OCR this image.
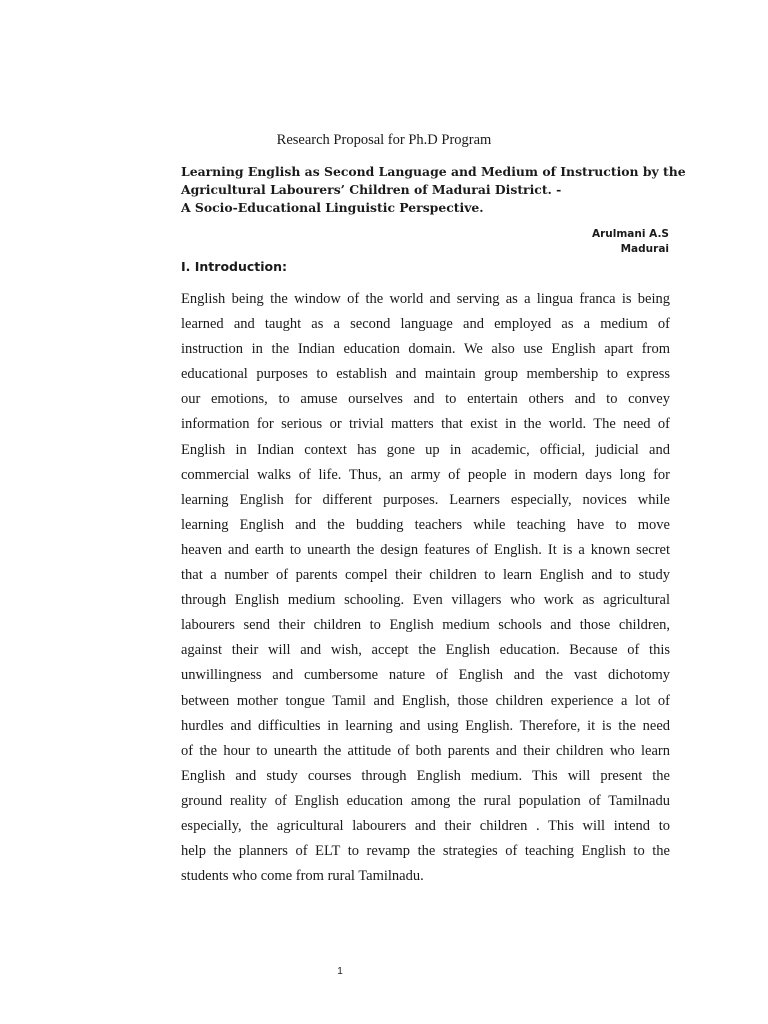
Research Proposal for Ph.D Program
Learning English as Second Language and Medium of Instruction by the
Agricultural Labourers’ Children of Madurai District. -
A Socio-Educational Linguistic Perspective.
Arulmani A.S
Madurai
I. Introduction:
English being the window of the world and serving as a lingua franca is being
learned and taught as a second language and employed as a medium of
instruction in the Indian education domain. We also use English apart from
educational purposes to establish and maintain group membership to express
our emotions, to amuse ourselves and to entertain others and to convey
information for serious or trivial matters that exist in the world. The need of
English in Indian context has gone up in academic, official, judicial and
commercial walks of life. Thus, an army of people in modern days long for
learning English for different purposes. Learners especially, novices while
learning English and the budding teachers while teaching have to move
heaven and earth to unearth the design features of English. It is a known secret
that a number of parents compel their children to learn English and to study
through English medium schooling. Even villagers who work as agricultural
labourers send their children to English medium schools and those children,
against their will and wish, accept the English education. Because of this
unwillingness and cumbersome nature of English and the vast dichotomy
between mother tongue Tamil and English, those children experience a lot of
hurdles and difficulties in learning and using English. Therefore, it is the need
of the hour to unearth the attitude of both parents and their children who learn
English and study courses through English medium. This will present the
ground reality of English education among the rural population of Tamilnadu
especially, the agricultural labourers and their children . This will intend to
help the planners of ELT to revamp the strategies of teaching English to the
students who come from rural Tamilnadu.
1
